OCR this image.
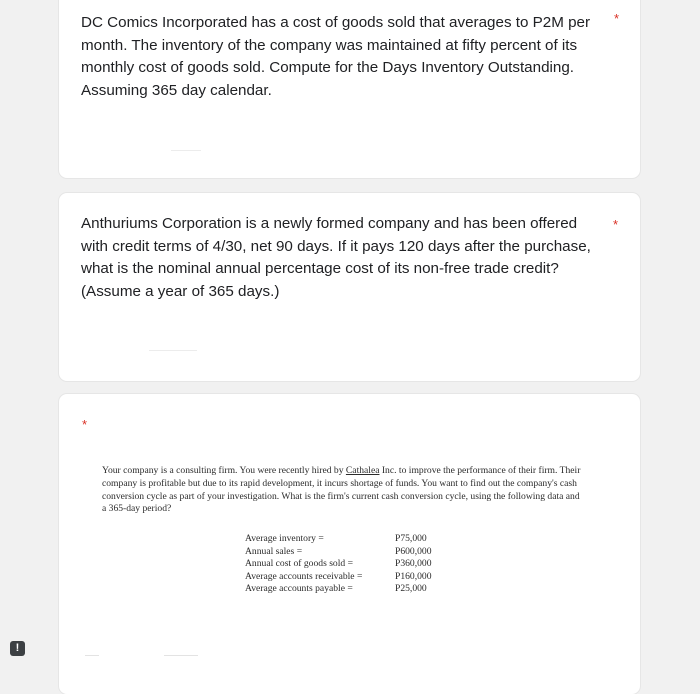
DC Comics Incorporated has a cost of goods sold that averages to P2M per month. The inventory of the company was maintained at fifty percent of its monthly cost of goods sold. Compute for the Days Inventory Outstanding. Assuming 365 day calendar.

*

Anthuriums Corporation is a newly formed company and has been offered with credit terms of 4/30, net 90 days. If it pays 120 days after the purchase, what is the nominal annual percentage cost of its non-free trade credit? (Assume a year of 365 days.)

*
*

Your company is a consulting firm. You were recently hired by Cathalea Inc. to improve the performance of their firm. Their company is profitable but due to its rapid development, it incurs shortage of funds. You want to find out the company's cash conversion cycle as part of your investigation. What is the firm's current cash conversion cycle, using the following data and a 365-day period?

Average inventory =	P75,000
Annual sales =	P600,000
Annual cost of goods sold =	P360,000
Average accounts receivable =	P160,000
Average accounts payable =	P25,000
!
